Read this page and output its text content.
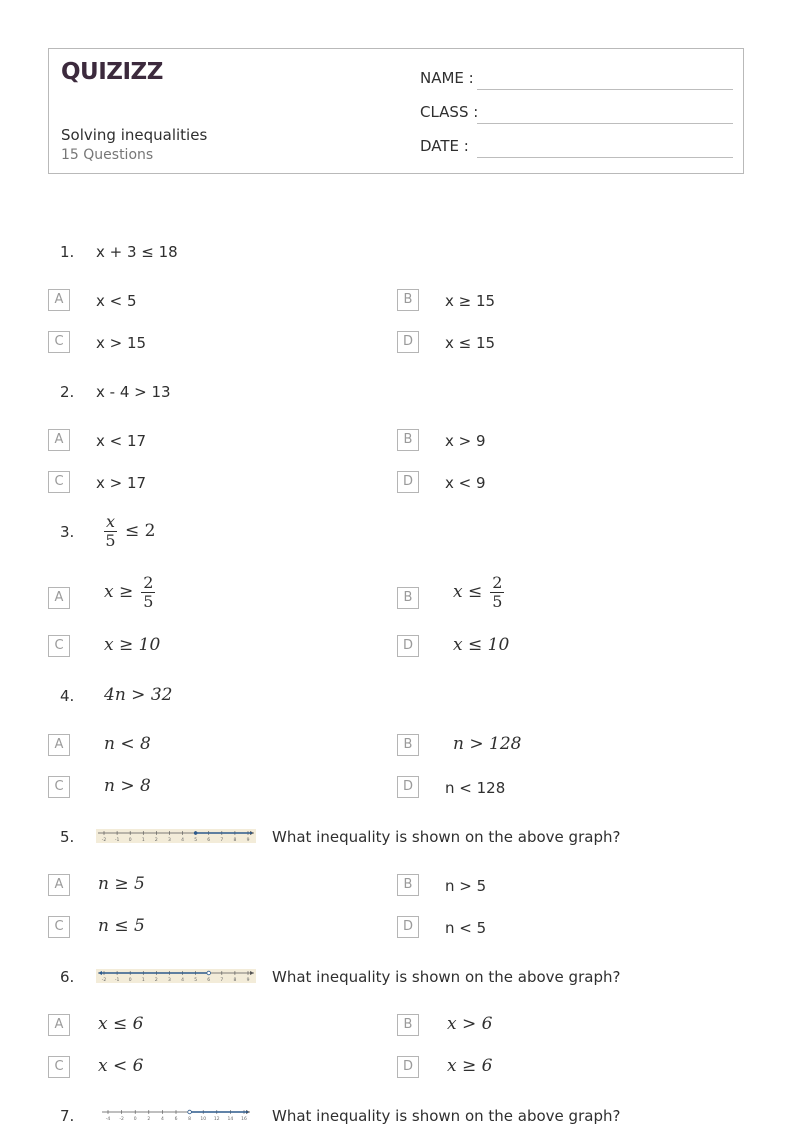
QUIZIZZ
Solving inequalities
15 Questions
NAME :
CLASS :
DATE :
1. x + 3 ≤ 18
A	x < 5	B	x ≥ 15
C	x > 15	D	x ≤ 15
2. x - 4 > 13
A	x < 17	B	x > 9
C	x > 17	D	x < 9
3. $\frac{x}{5} \le 2$
A	$x \ge \frac{2}{5}$	B	$x \le \frac{2}{5}$
C	x ≥ 10	D	x ≤ 10
4. 4n > 32
A	n < 8	B	n > 128
C	n > 8	D	n < 128
5.	-2 -1 0 1 2 3 4 5 6 7 8 9 What inequality is shown on the above graph?
A	n ≥ 5	B	n > 5
C	n ≤ 5	D	n < 5
6.	-2 -1 0 1 2 3 4 5 6 7 8 9 What inequality is shown on the above graph?
A	x ≤ 6	B	x > 6
C	x < 6	D	x ≥ 6
7.	-4 -2 0 2 4 6 8 10 12 14 16 What inequality is shown on the above graph?
